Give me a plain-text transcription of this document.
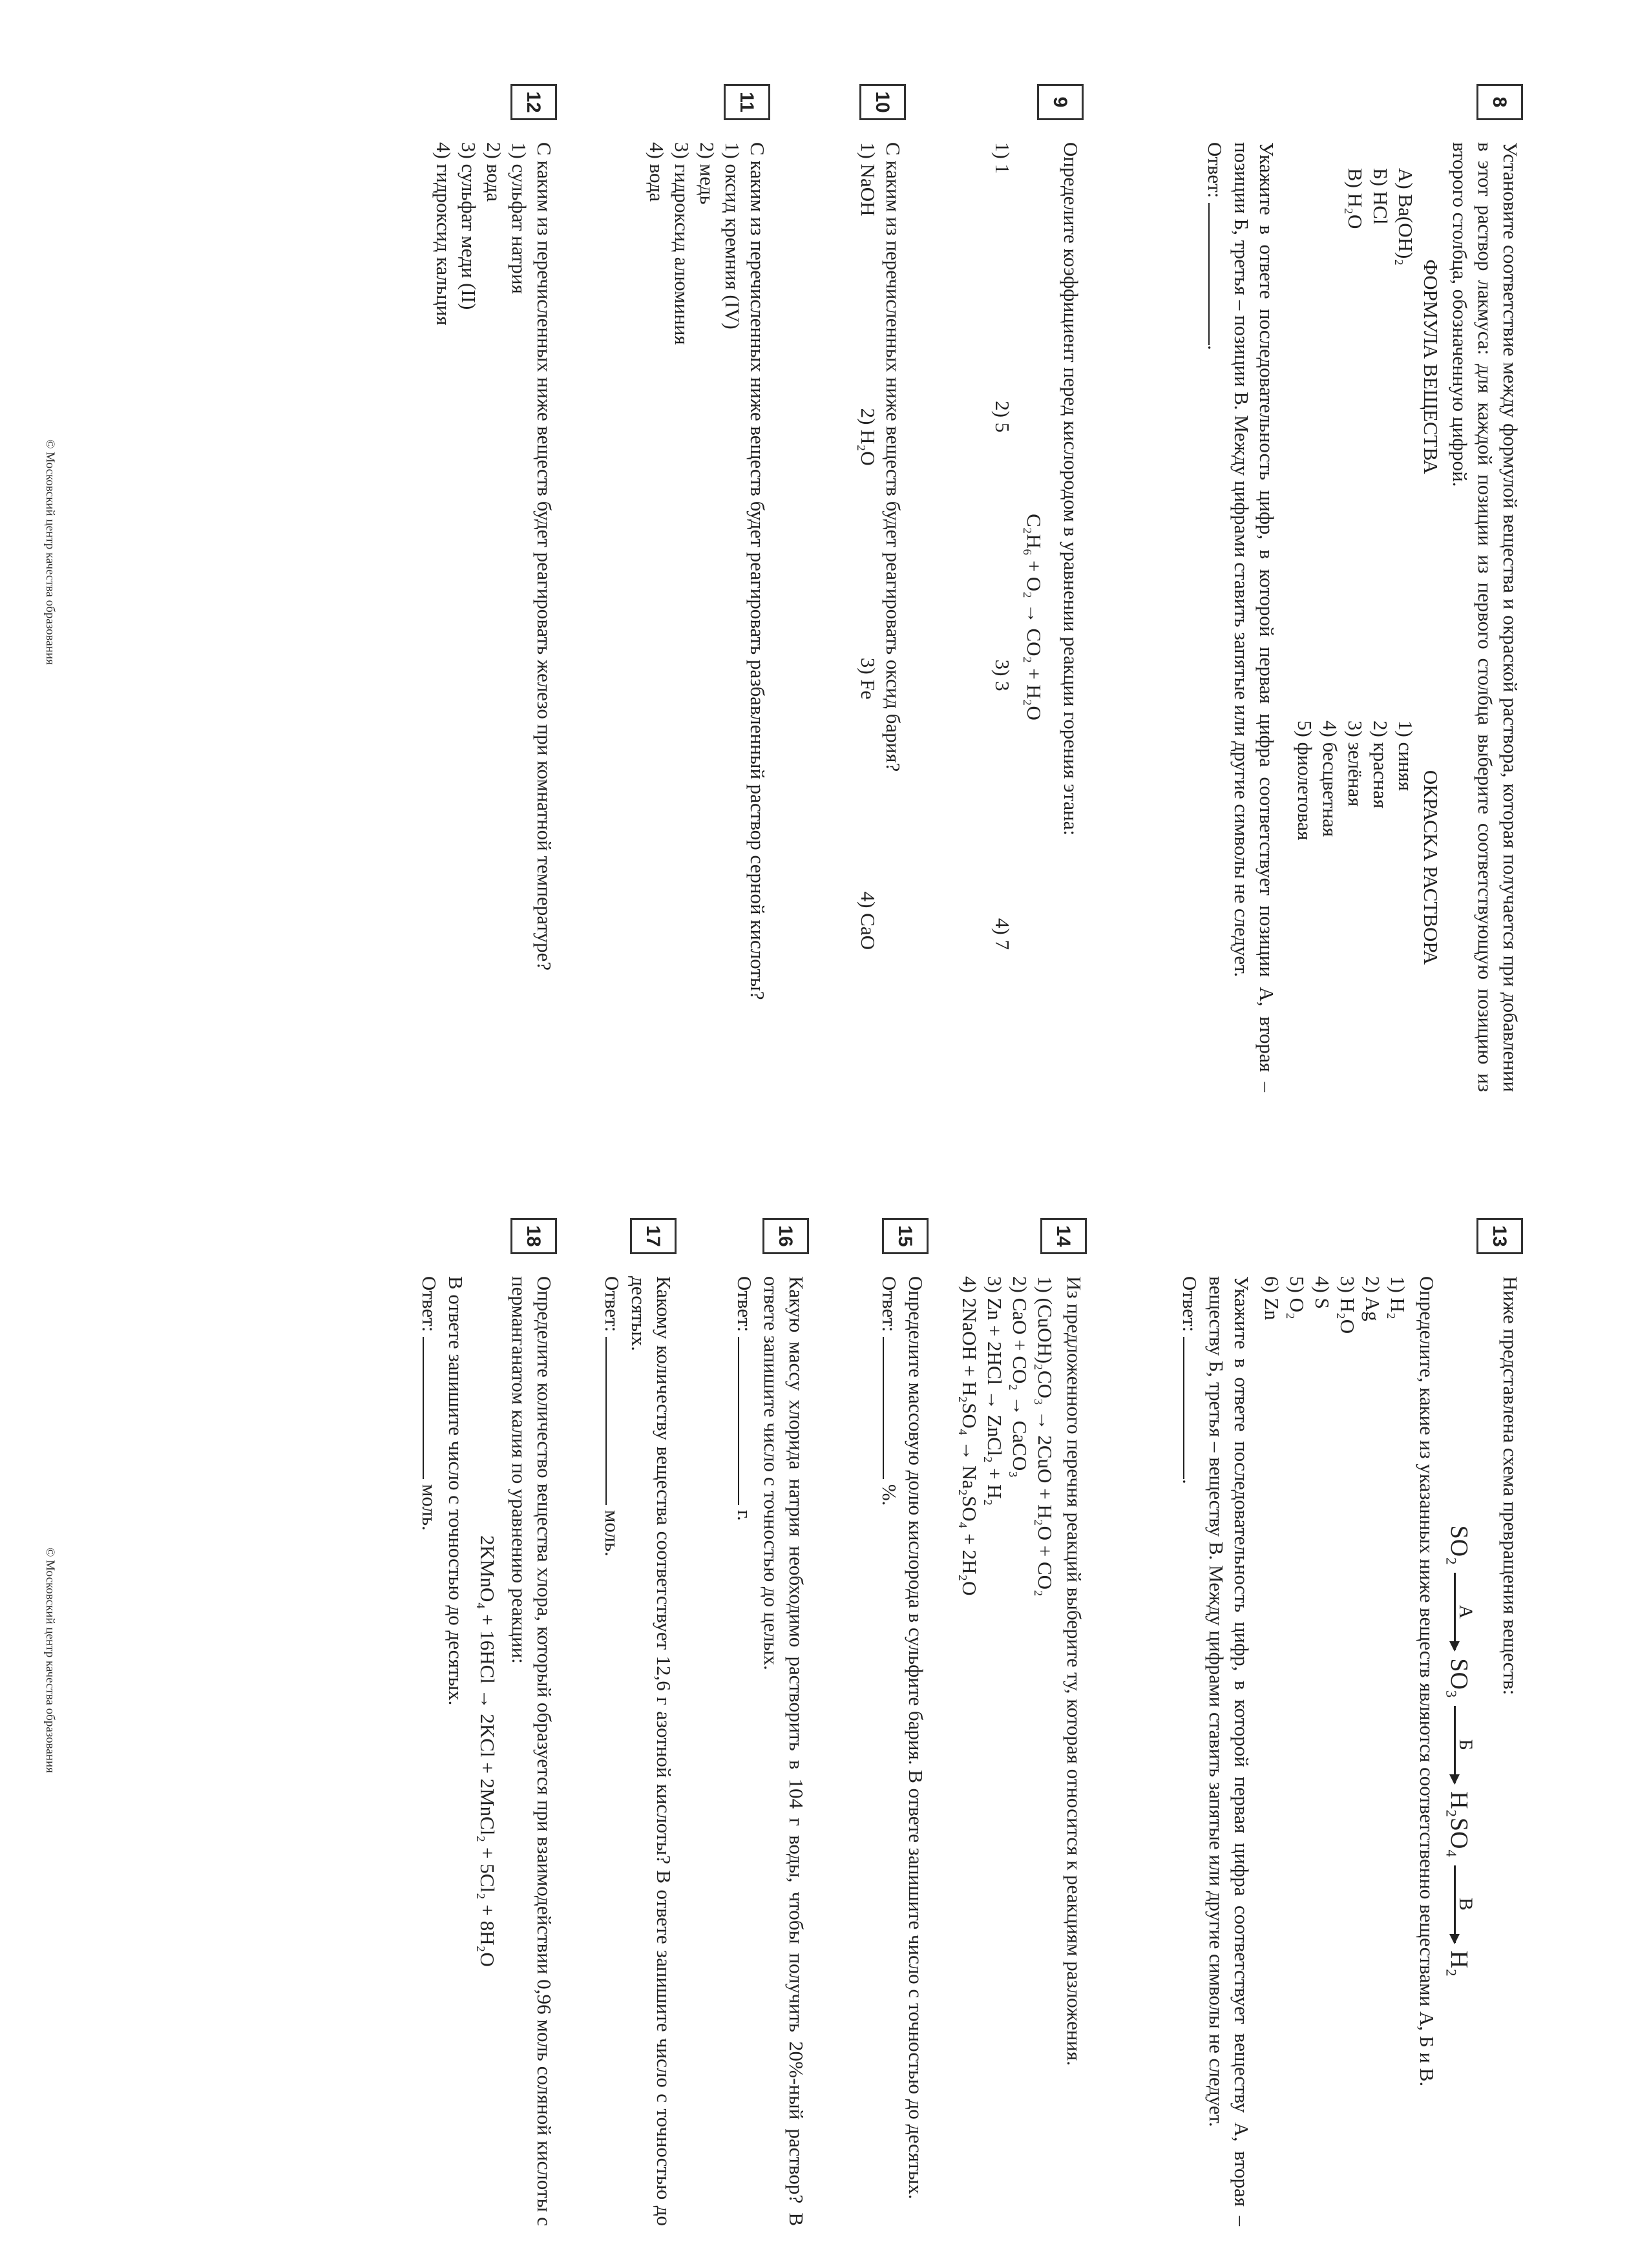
8

Установите соответствие между формулой вещества и окраской раствора, которая получается при добавлении в этот раствор лакмуса: для каждой позиции из первого столбца выберите соответствующую позицию из второго столбца, обозначенную цифрой.

ФОРМУЛА ВЕЩЕСТВА
А) Ba(OH)₂
Б) HCl
В) H₂O
ОКРАСКА РАСТВОРА
1) синяя
2) красная
3) зелёная
4) бесцветная
5) фиолетовая

Укажите в ответе последовательность цифр, в которой первая цифра соответствует позиции А, вторая – позиции Б, третья – позиции В. Между цифрами ставить запятые или другие символы не следует.

Ответ: .
9

Определите коэффициент перед кислородом в уравнении реакции горения этана:

C₂H₆ + O₂ → CO₂ + H₂O
1) 1
2) 5
3) 3
4) 7
10

С каким из перечисленных ниже веществ будет реагировать оксид бария?

1) NaOH
2) H₂O
3) Fe
4) CaO
11

С каким из перечисленных ниже веществ будет реагировать разбавленный раствор серной кислоты?

1) оксид кремния (IV)
2) медь
3) гидроксид алюминия
4) вода
12

С каким из перечисленных ниже веществ будет реагировать железо при комнатной температуре?

1) сульфат натрия
2) вода
3) сульфат меди (II)
4) гидроксид кальция
© Московский центр качества образования
13

Ниже представлена схема превращения веществ:

SO₂
А
SO₃
Б
H₂SO₄
В
H₂

Определите, какие из указанных ниже веществ являются соответственно веществами А, Б и В.

1) H₂
2) Ag
3) H₂O
4) S
5) O₂
6) Zn

Укажите в ответе последовательность цифр, в которой первая цифра соответствует веществу А, вторая – веществу Б, третья – веществу В. Между цифрами ставить запятые или другие символы не следует.

Ответ: .
14

Из предложенного перечня реакций выберите ту, которая относится к реакциям разложения.

1) (CuOH)₂CO₃ → 2CuO + H₂O + CO₂
2) CaO + CO₂ → CaCO₃
3) Zn + 2HCl → ZnCl₂ + H₂
4) 2NaOH + H₂SO₄ → Na₂SO₄ + 2H₂O
15

Определите массовую долю кислорода в сульфите бария. В ответе запишите число с точностью до десятых.

Ответ:  %.
16

Какую массу хлорида натрия необходимо растворить в 104 г воды, чтобы получить 20%-ный раствор? В ответе запишите число с точностью до целых.

Ответ:  г.
17

Какому количеству вещества соответствует 12,6 г азотной кислоты? В ответе запишите число с точностью до десятых.

Ответ:  моль.
18

Определите количество вещества хлора, который образуется при взаимодействии 0,96 моль соляной кислоты с перманганатом калия по уравнению реакции:

2KMnO₄ + 16HCl → 2KCl + 2MnCl₂ + 5Cl₂ + 8H₂O

В ответе запишите число с точностью до десятых.

Ответ:  моль.
© Московский центр качества образования
